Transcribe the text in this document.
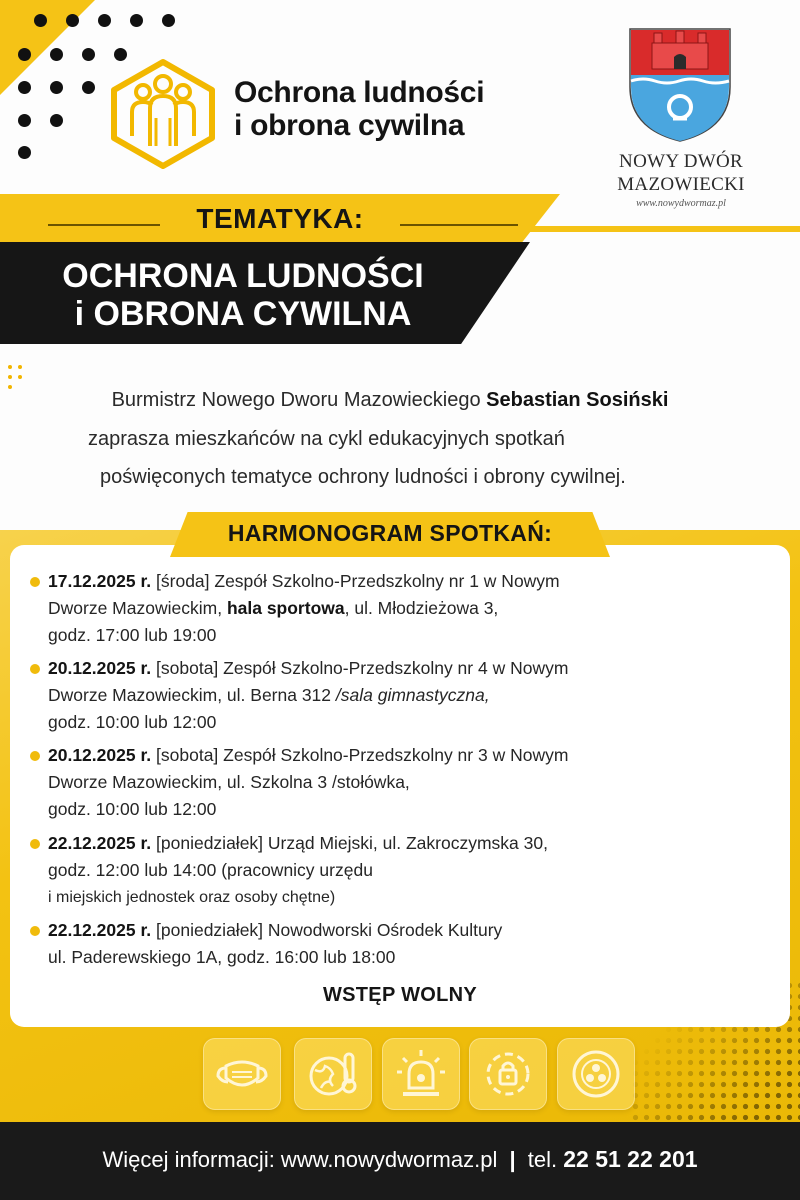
Ochrona ludności
i obrona cywilna
NOWY DWÓR
MAZOWIECKI
www.nowydwormaz.pl
TEMATYKA:
OCHRONA LUDNOŚCI
i OBRONA CYWILNA
Burmistrz Nowego Dworu Mazowieckiego Sebastian Sosiński
zaprasza mieszkańców na cykl edukacyjnych spotkań
poświęconych tematyce ochrony ludności i obrony cywilnej.
HARMONOGRAM SPOTKAŃ:
17.12.2025 r. [środa] Zespół Szkolno-Przedszkolny nr 1 w Nowym
Dworze Mazowieckim, hala sportowa, ul. Młodzieżowa 3,
godz. 17:00 lub 19:00
20.12.2025 r. [sobota] Zespół Szkolno-Przedszkolny nr 4 w Nowym
Dworze Mazowieckim, ul. Berna 312 /sala gimnastyczna,
godz. 10:00 lub 12:00
20.12.2025 r. [sobota] Zespół Szkolno-Przedszkolny nr 3 w Nowym
Dworze Mazowieckim, ul. Szkolna 3 /stołówka,
godz. 10:00 lub 12:00
22.12.2025 r. [poniedziałek] Urząd Miejski, ul. Zakroczymska 30,
godz. 12:00 lub 14:00 (pracownicy urzędu
i miejskich jednostek oraz osoby chętne)
22.12.2025 r. [poniedziałek] Nowodworski Ośrodek Kultury
ul. Paderewskiego 1A, godz. 16:00 lub 18:00
WSTĘP WOLNY
Więcej informacji: www.nowydwormaz.pl | tel. 22 51 22 201
